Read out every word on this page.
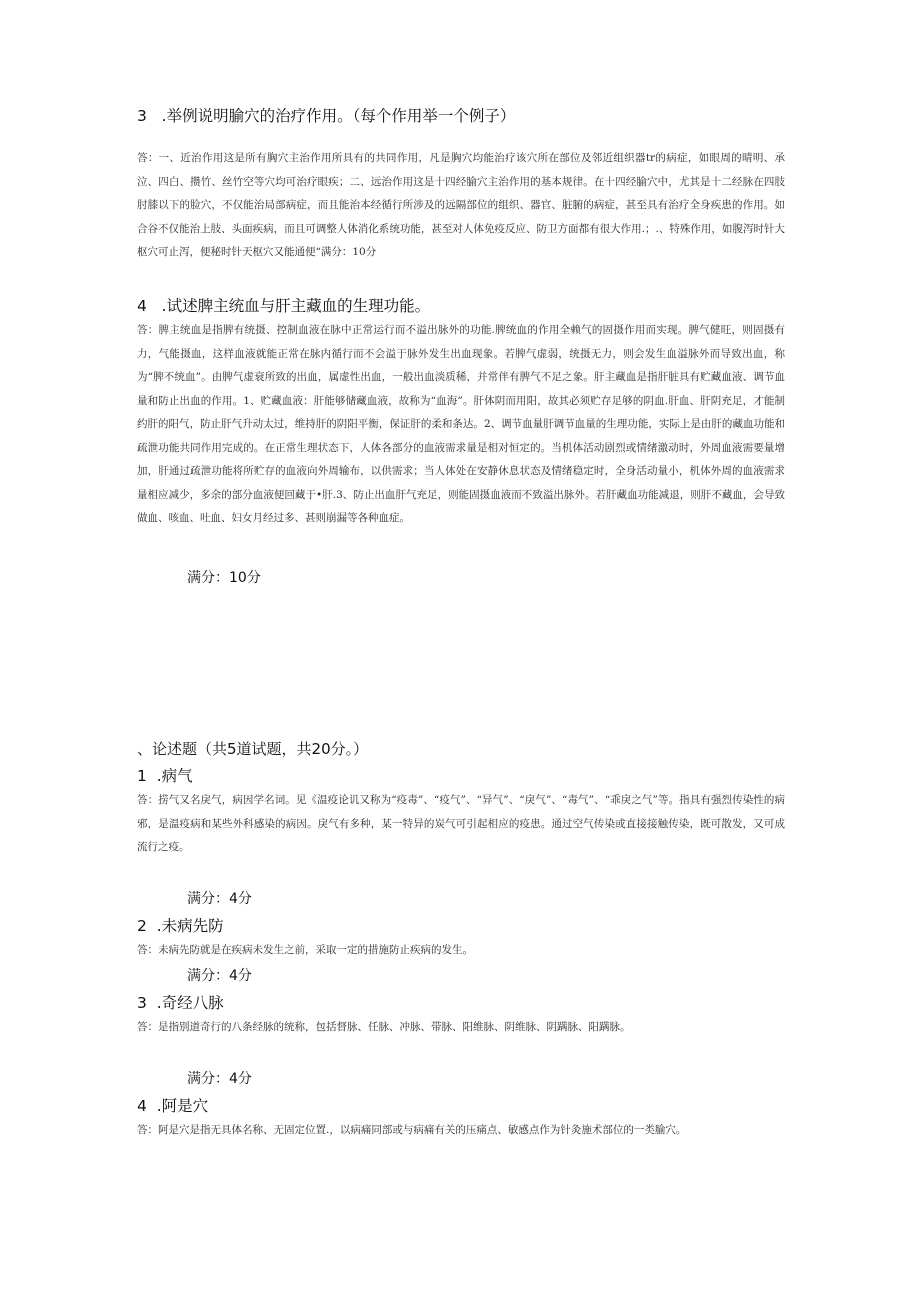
3 .举例说明腧穴的治疗作用。（每个作用举一个例子）
答：一、近治作用这是所有胸穴主治作用所具有的共同作用，凡是胸穴均能治疗该穴所在部位及邻近组织器tr的病症，如眼周的晴明、承泣、四白、攒竹、丝竹空等穴均可治疗眼疾；二、远治作用这是十四经腧穴主治作用的基本规律。在十四经腧穴中，尤其是十二经脉在四肢肘膝以下的脸穴，不仅能治局部病症，而且能治本经循行所涉及的远隔部位的组织、器官、脏腑的病症，甚至具有治疗全身疾患的作用。如合谷不仅能治上肢、头面疾病，而且可调整人体消化系统功能，甚至对人体免疫反应、防卫方面都有很大作用.；.、特殊作用，如腹泻时针大枢穴可止泻，便秘时针天枢穴又能通便“满分：10分
4 .试述脾主统血与肝主藏血的生理功能。
答：脾主统血是指脾有统摄、控制血液在脉中正常运行而不溢出脉外的功能.脾统血的作用全赖气的固摄作用而实现。脾气健旺，则固摄有力，气能摄血，这样血液就能正常在脉内循行而不会溢于脉外发生出血现象。若脾气虚弱，统摄无力，则会发生血溢脉外而导致出血，称为“脾不统血”。由脾气虚衰所致的出血，属虚性出血，一般出血淡质稀，并常伴有脾气不足之象。肝主藏血是指肝脏具有贮藏血液、调节血量和防止出血的作用。1、贮藏血液：肝能够储藏血液，故称为“血海”。肝体阴而用阳，故其必须贮存足够的阴血.肝血、肝阴充足，才能制约肝的阳气，防止肝气升动太过，维持肝的阴阳平衡，保证肝的柔和条达。2、调节血量肝调节血量的生理功能，实际上是由肝的藏血功能和疏泄功能共同作用完成的。在正常生理状态下，人体各部分的血液需求量是相对恒定的。当机体活动剧烈或情绪激动时，外周血液需要量增加，肝通过疏泄功能将所贮存的血液向外周输布，以供需求；当人体处在安静休息状态及情绪稳定时，全身活动量小，机体外周的血液需求量相应减少，多余的部分血液便回藏于•肝.3、防止出血肝气充足，则能固摄血液而不致溢出脉外。若肝藏血功能减退，则肝不藏血，会导致做血、咳血、吐血、妇女月经过多、甚则崩漏等各种血症。
满分：10分
、论述题（共5道试题，共20分。）
1 .病气
答：捞气又名戾气，病因学名词。见《温疫论讥又称为“疫毒”、“疫气”、“异气”、“戾气”、“毒气”、“乖戾之气”等。指具有强烈传染性的病邪，是温疫病和某些外科感染的病因。戾气有多种，某一特异的炭气可引起相应的疫患。通过空气传染或直接接触传染，既可散发，又可成流行之疫。
满分：4分
2 .未病先防
答：未病先防就是在疾病未发生之前，采取一定的措施防止疾病的发生。
满分：4分
3 .奇经八脉
答：是指别道奇行的八条经脉的统称，包括督脉、任脉、冲脉、带脉、阳维脉、阴维脉、阴蹒脉、阳蹒脉。
满分：4分
4 .阿是穴
答：阿是穴是指无具体名称、无固定位置.，以病痛同部或与病痛有关的压痛点、敏感点作为针灸施术部位的一类腧穴。
